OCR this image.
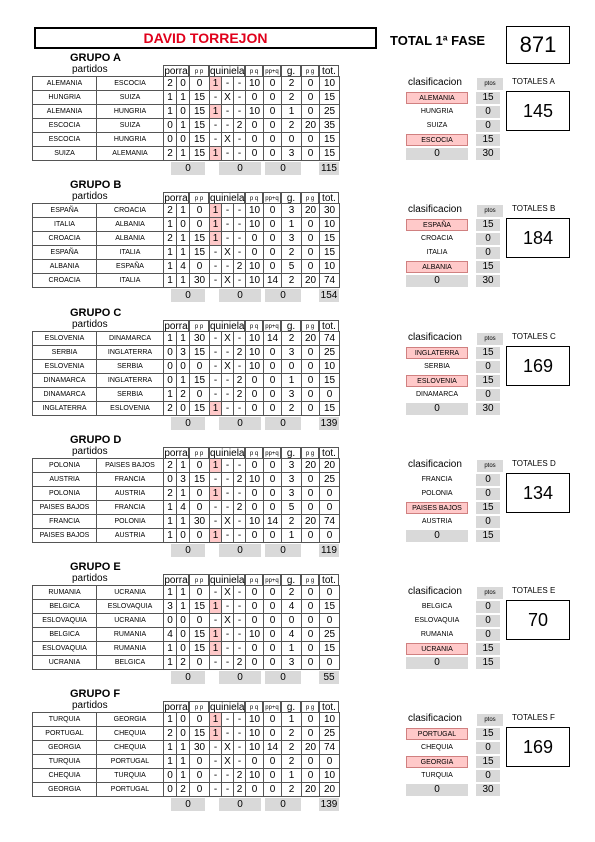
DAVID TORREJON	TOTAL 1ª FASE	871
GRUPO A
partidos	porra	p p quiniela p q	pp+q g.	p g tot.
ALEMANIA	ESCOCIA	2	0	0	1	-	-	10	0	2	0	10
HUNGRIA	SUIZA	1	1	15	-	X	-	0	0	2	0	15
ALEMANIA	HUNGRIA	1	0	15	1	-	-	10	0	1	0	25
ESCOCIA	SUIZA	0	1	15	-	-	2	0	0	2	20	35
ESCOCIA	HUNGRIA	0	0	15	-	X	-	0	0	0	0	15
SUIZA	ALEMANIA	2	1	15	1	-	-	0	0	3	0	15
0	0	0	115
clasificacion	ptos
ALEMANIA	15
HUNGRIA	0
SUIZA	0
ESCOCIA	15
0	30
TOTALES A
145
GRUPO B
partidos	porra	p p quiniela p q	pp+q g.	p g tot.
ESPAÑA	CROACIA	2	1	0	1	-	-	10	0	3	20	30
ITALIA	ALBANIA	1	0	0	1	-	-	10	0	1	0	10
CROACIA	ALBANIA	2	1	15	1	-	-	0	0	3	0	15
ESPAÑA	ITALIA	1	1	15	-	X	-	0	0	2	0	15
ALBANIA	ESPAÑA	1	4	0	-	-	2	10	0	5	0	10
CROACIA	ITALIA	1	1	30	-	X	-	10	14	2	20	74
0	0	0	154
clasificacion	ptos
ESPAÑA	15
CROACIA	0
ITALIA	0
ALBANIA	15
0	30
TOTALES B
184
GRUPO C
partidos	porra	p p quiniela p q	pp+q g.	p g tot.
ESLOVENIA	DINAMARCA	1	1	30	-	X	-	10	14	2	20	74
SERBIA	INGLATERRA	0	3	15	-	-	2	10	0	3	0	25
ESLOVENIA	SERBIA	0	0	0	-	X	-	10	0	0	0	10
DINAMARCA	INGLATERRA	0	1	15	-	-	2	0	0	1	0	15
DINAMARCA	SERBIA	1	2	0	-	-	2	0	0	3	0	0
INGLATERRA	ESLOVENIA	2	0	15	1	-	-	0	0	2	0	15
0	0	0	139
clasificacion	ptos
INGLATERRA	15
SERBIA	0
ESLOVENIA	15
DINAMARCA	0
0	30
TOTALES C
169
GRUPO D
partidos	porra	p p quiniela p q	pp+q g.	p g tot.
POLONIA	PAISES BAJOS	2	1	0	1	-	-	0	0	3	20	20
AUSTRIA	FRANCIA	0	3	15	-	-	2	10	0	3	0	25
POLONIA	AUSTRIA	2	1	0	1	-	-	0	0	3	0	0
PAISES BAJOS	FRANCIA	1	4	0	-	-	2	0	0	5	0	0
FRANCIA	POLONIA	1	1	30	-	X	-	10	14	2	20	74
PAISES BAJOS	AUSTRIA	1	0	0	1	-	-	0	0	1	0	0
0	0	0	119
clasificacion	ptos
FRANCIA	0
POLONIA	0
PAISES BAJOS	15
AUSTRIA	0
0	15
TOTALES D
134
GRUPO E
partidos	porra	p p quiniela p q	pp+q g.	p g tot.
RUMANIA	UCRANIA	1	1	0	-	X	-	0	0	2	0	0
BELGICA	ESLOVAQUIA	3	1	15	1	-	-	0	0	4	0	15
ESLOVAQUIA	UCRANIA	0	0	0	-	X	-	0	0	0	0	0
BELGICA	RUMANIA	4	0	15	1	-	-	10	0	4	0	25
ESLOVAQUIA	RUMANIA	1	0	15	1	-	-	0	0	1	0	15
UCRANIA	BELGICA	1	2	0	-	-	2	0	0	3	0	0
0	0	0	55
clasificacion	ptos
BELGICA	0
ESLOVAQUIA	0
RUMANIA	0
UCRANIA	15
0	15
TOTALES E
70
GRUPO F
partidos	porra	p p quiniela p q	pp+q g.	p g tot.
TURQUIA	GEORGIA	1	0	0	1	-	-	10	0	1	0	10
PORTUGAL	CHEQUIA	2	0	15	1	-	-	10	0	2	0	25
GEORGIA	CHEQUIA	1	1	30	-	X	-	10	14	2	20	74
TURQUIA	PORTUGAL	1	1	0	-	X	-	0	0	2	0	0
CHEQUIA	TURQUIA	0	1	0	-	-	2	10	0	1	0	10
GEORGIA	PORTUGAL	0	2	0	-	-	2	0	0	2	20	20
0	0	0	139
clasificacion	ptos
PORTUGAL	15
CHEQUIA	0
GEORGIA	15
TURQUIA	0
0	30
TOTALES F
169
